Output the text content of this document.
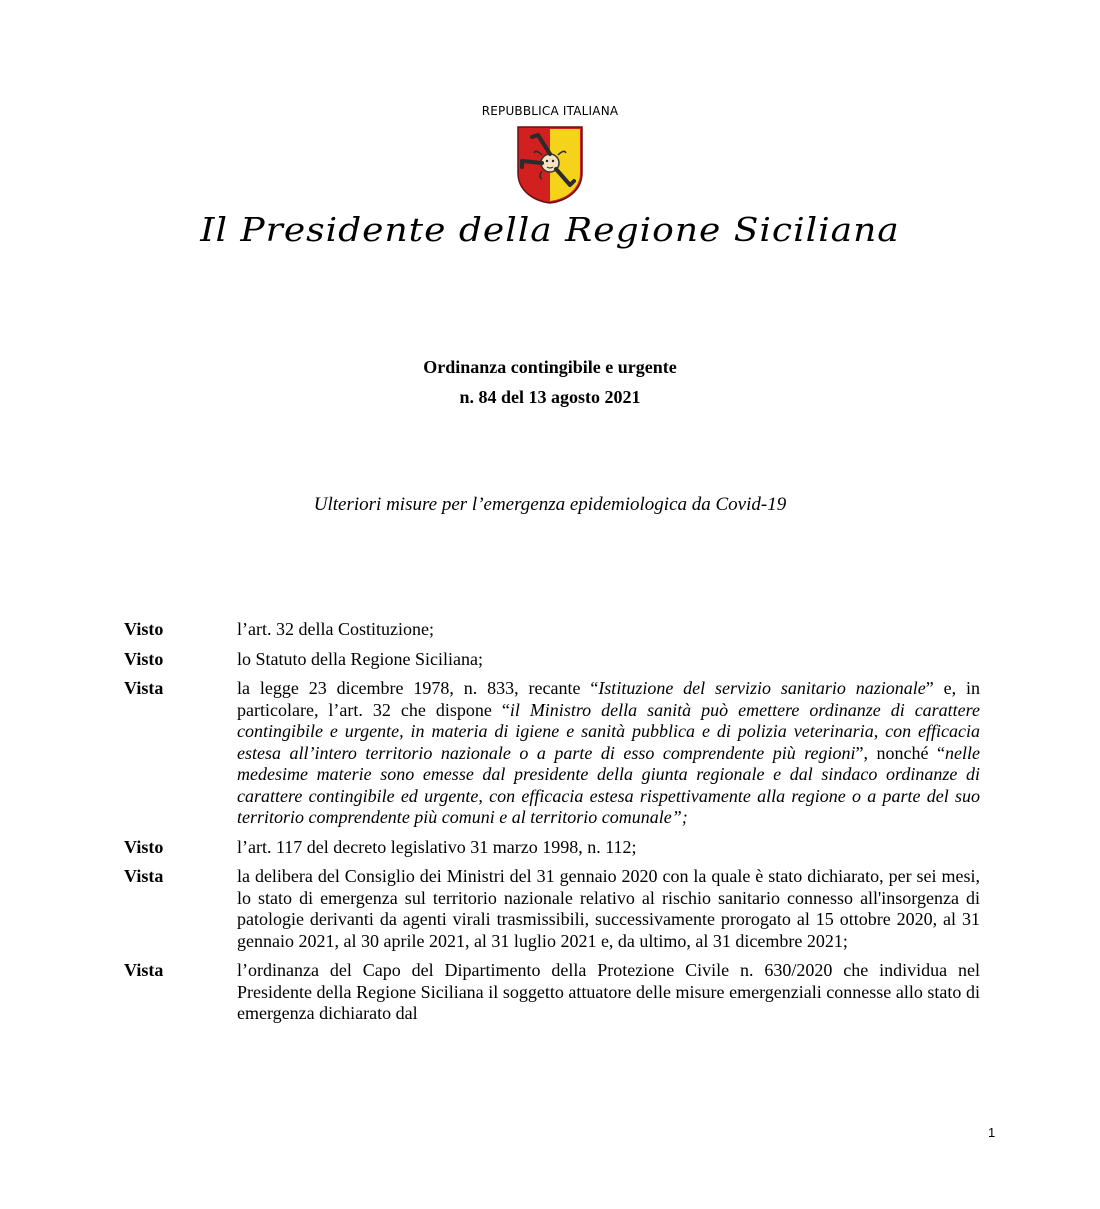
REPUBBLICA ITALIANA
Il Presidente della Regione Siciliana
Ordinanza contingibile e urgente
n. 84 del 13 agosto 2021
Ulteriori misure per l’emergenza epidemiologica da Covid-19
Visto	l’art. 32 della Costituzione;
Visto	lo Statuto della Regione Siciliana;
Vista	la legge 23 dicembre 1978, n. 833, recante “Istituzione del servizio sanitario nazionale” e, in particolare, l’art. 32 che dispone “il Ministro della sanità può emettere ordinanze di carattere contingibile e urgente, in materia di igiene e sanità pubblica e di polizia veterinaria, con efficacia estesa all’intero territorio nazionale o a parte di esso comprendente più regioni”, nonché “nelle medesime materie sono emesse dal presidente della giunta regionale e dal sindaco ordinanze di carattere contingibile ed urgente, con efficacia estesa rispettivamente alla regione o a parte del suo territorio comprendente più comuni e al territorio comunale”;
Visto	l’art. 117 del decreto legislativo 31 marzo 1998, n. 112;
Vista	la delibera del Consiglio dei Ministri del 31 gennaio 2020 con la quale è stato dichiarato, per sei mesi, lo stato di emergenza sul territorio nazionale relativo al rischio sanitario connesso all'insorgenza di patologie derivanti da agenti virali trasmissibili, successivamente prorogato al 15 ottobre 2020, al 31 gennaio 2021, al 30 aprile 2021, al 31 luglio 2021 e, da ultimo, al 31 dicembre 2021;
Vista	l’ordinanza del Capo del Dipartimento della Protezione Civile n. 630/2020 che individua nel Presidente della Regione Siciliana il soggetto attuatore delle misure emergenziali connesse allo stato di emergenza dichiarato dal
1
